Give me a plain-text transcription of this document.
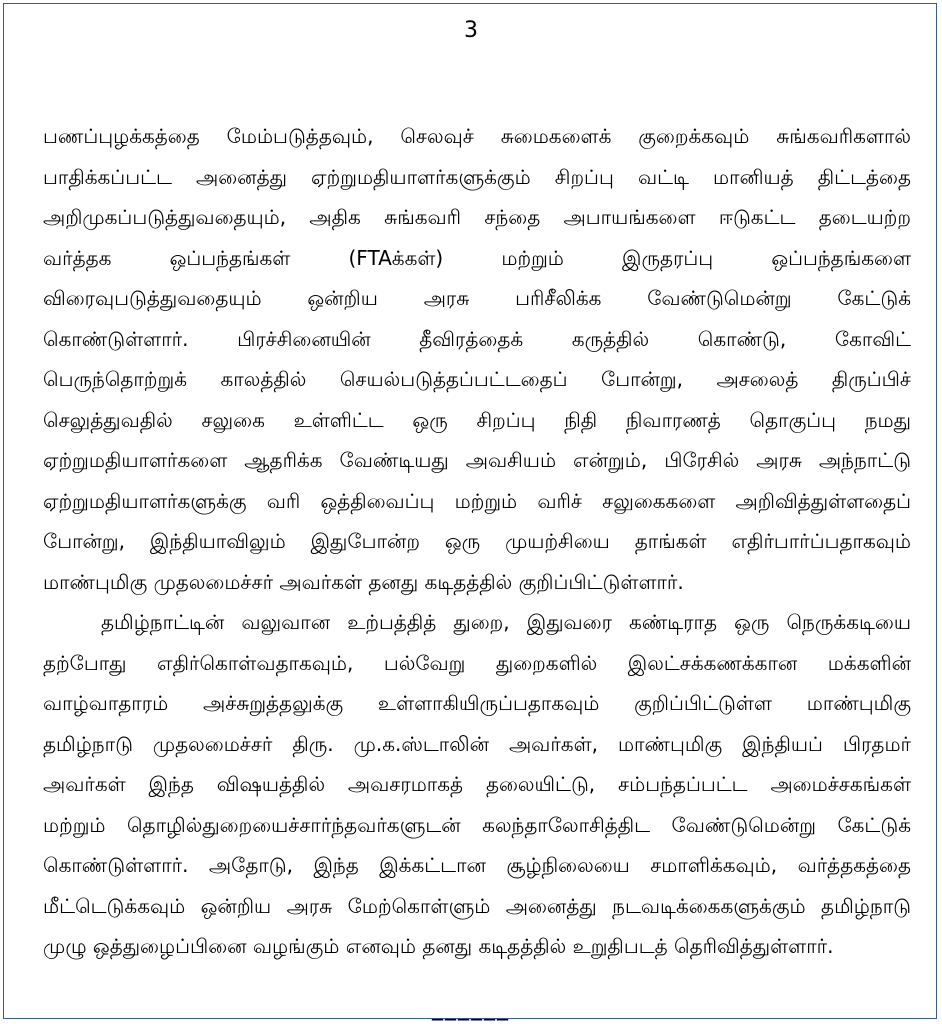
3

பணப்புழக்கத்தை மேம்படுத்தவும், செலவுச் சுமைகளைக் குறைக்கவும் சுங்கவரிகளால்
பாதிக்கப்பட்ட அனைத்து ஏற்றுமதியாளர்களுக்கும் சிறப்பு வட்டி மானியத் திட்டத்தை
அறிமுகப்படுத்துவதையும், அதிக சுங்கவரி சந்தை அபாயங்களை ஈடுகட்ட தடையற்ற
வர்த்தக ஒப்பந்தங்கள் (FTAக்கள்) மற்றும் இருதரப்பு ஒப்பந்தங்களை
விரைவுபடுத்துவதையும் ஒன்றிய அரசு பரிசீலிக்க வேண்டுமென்று கேட்டுக்
கொண்டுள்ளார். பிரச்சினையின் தீவிரத்தைக் கருத்தில் கொண்டு, கோவிட்
பெருந்தொற்றுக் காலத்தில் செயல்படுத்தப்பட்டதைப் போன்று, அசலைத் திருப்பிச்
செலுத்துவதில் சலுகை உள்ளிட்ட ஒரு சிறப்பு நிதி நிவாரணத் தொகுப்பு நமது
ஏற்றுமதியாளர்களை ஆதரிக்க வேண்டியது அவசியம் என்றும், பிரேசில் அரசு அந்நாட்டு
ஏற்றுமதியாளர்களுக்கு வரி ஒத்திவைப்பு மற்றும் வரிச் சலுகைகளை அறிவித்துள்ளதைப்
போன்று, இந்தியாவிலும் இதுபோன்ற ஒரு முயற்சியை தாங்கள் எதிர்பார்ப்பதாகவும்
மாண்புமிகு முதலமைச்சர் அவர்கள் தனது கடிதத்தில் குறிப்பிட்டுள்ளார்.

தமிழ்நாட்டின் வலுவான உற்பத்தித் துறை, இதுவரை கண்டிராத ஒரு நெருக்கடியை
தற்போது எதிர்கொள்வதாகவும், பல்வேறு துறைகளில் இலட்சக்கணக்கான மக்களின்
வாழ்வாதாரம் அச்சுறுத்தலுக்கு உள்ளாகியிருப்பதாகவும் குறிப்பிட்டுள்ள மாண்புமிகு
தமிழ்நாடு முதலமைச்சர் திரு. மு.க.ஸ்டாலின் அவர்கள், மாண்புமிகு இந்தியப் பிரதமர்
அவர்கள் இந்த விஷயத்தில் அவசரமாகத் தலையிட்டு, சம்பந்தப்பட்ட அமைச்சகங்கள்
மற்றும் தொழில்துறையைச்சார்ந்தவர்களுடன் கலந்தாலோசித்திட வேண்டுமென்று கேட்டுக்
கொண்டுள்ளார். அதோடு, இந்த இக்கட்டான சூழ்நிலையை சமாளிக்கவும், வர்த்தகத்தை
மீட்டெடுக்கவும் ஒன்றிய அரசு மேற்கொள்ளும் அனைத்து நடவடிக்கைகளுக்கும் தமிழ்நாடு
முழு ஒத்துழைப்பினை வழங்கும் எனவும் தனது கடிதத்தில் உறுதிபடத் தெரிவித்துள்ளார்.

______
